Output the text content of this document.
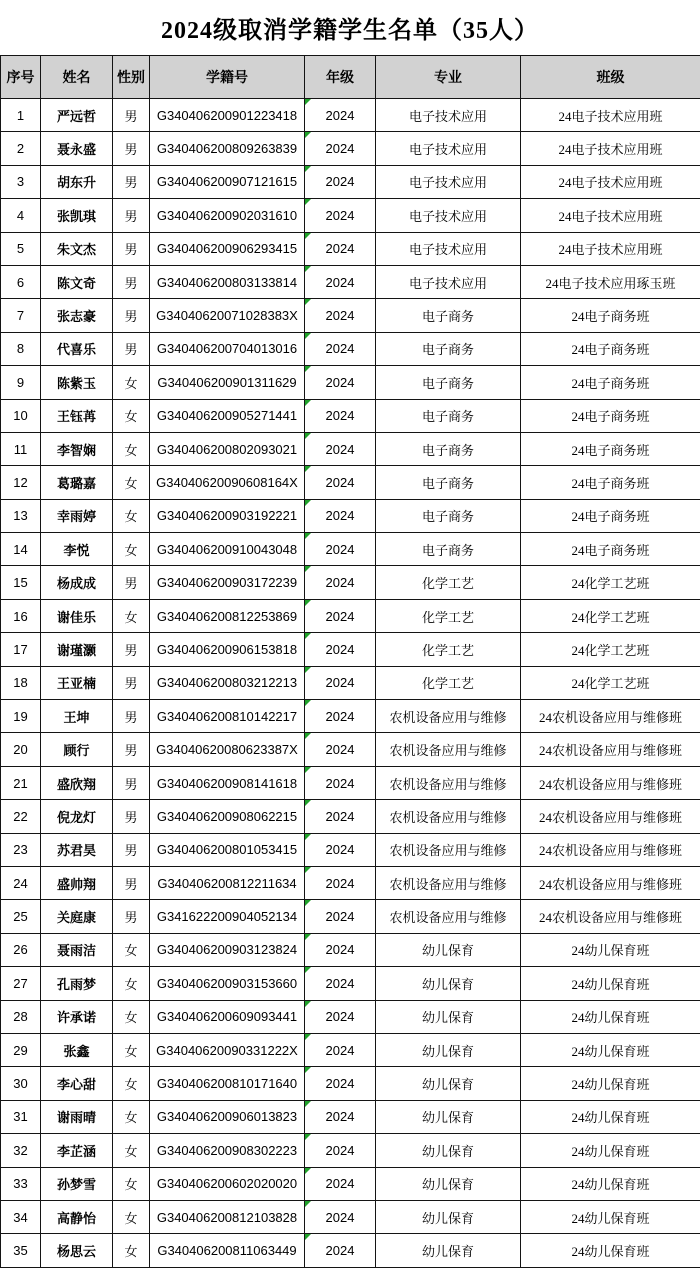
2024级取消学籍学生名单（35人）
序号	姓名	性别	学籍号	年级	专业	班级
1	严远哲	男	G340406200901223418	2024	电子技术应用	24电子技术应用班
2	聂永盛	男	G340406200809263839	2024	电子技术应用	24电子技术应用班
3	胡东升	男	G340406200907121615	2024	电子技术应用	24电子技术应用班
4	张凯琪	男	G340406200902031610	2024	电子技术应用	24电子技术应用班
5	朱文杰	男	G340406200906293415	2024	电子技术应用	24电子技术应用班
6	陈文奇	男	G340406200803133814	2024	电子技术应用	24电子技术应用琢玉班
7	张志豪	男	G34040620071028383X	2024	电子商务	24电子商务班
8	代喜乐	男	G340406200704013016	2024	电子商务	24电子商务班
9	陈紫玉	女	G340406200901311629	2024	电子商务	24电子商务班
10	王钰苒	女	G340406200905271441	2024	电子商务	24电子商务班
11	李智娴	女	G340406200802093021	2024	电子商务	24电子商务班
12	葛璐嘉	女	G34040620090608164X	2024	电子商务	24电子商务班
13	幸雨婷	女	G340406200903192221	2024	电子商务	24电子商务班
14	李悦	女	G340406200910043048	2024	电子商务	24电子商务班
15	杨成成	男	G340406200903172239	2024	化学工艺	24化学工艺班
16	谢佳乐	女	G340406200812253869	2024	化学工艺	24化学工艺班
17	谢瑾灏	男	G340406200906153818	2024	化学工艺	24化学工艺班
18	王亚楠	男	G340406200803212213	2024	化学工艺	24化学工艺班
19	王坤	男	G340406200810142217	2024	农机设备应用与维修	24农机设备应用与维修班
20	顾行	男	G34040620080623387X	2024	农机设备应用与维修	24农机设备应用与维修班
21	盛欣翔	男	G340406200908141618	2024	农机设备应用与维修	24农机设备应用与维修班
22	倪龙灯	男	G340406200908062215	2024	农机设备应用与维修	24农机设备应用与维修班
23	苏君昊	男	G340406200801053415	2024	农机设备应用与维修	24农机设备应用与维修班
24	盛帅翔	男	G340406200812211634	2024	农机设备应用与维修	24农机设备应用与维修班
25	关庭康	男	G341622200904052134	2024	农机设备应用与维修	24农机设备应用与维修班
26	聂雨洁	女	G340406200903123824	2024	幼儿保育	24幼儿保育班
27	孔雨梦	女	G340406200903153660	2024	幼儿保育	24幼儿保育班
28	许承诺	女	G340406200609093441	2024	幼儿保育	24幼儿保育班
29	张鑫	女	G34040620090331222X	2024	幼儿保育	24幼儿保育班
30	李心甜	女	G340406200810171640	2024	幼儿保育	24幼儿保育班
31	谢雨晴	女	G340406200906013823	2024	幼儿保育	24幼儿保育班
32	李芷涵	女	G340406200908302223	2024	幼儿保育	24幼儿保育班
33	孙梦雪	女	G340406200602020020	2024	幼儿保育	24幼儿保育班
34	高静怡	女	G340406200812103828	2024	幼儿保育	24幼儿保育班
35	杨思云	女	G340406200811063449	2024	幼儿保育	24幼儿保育班
